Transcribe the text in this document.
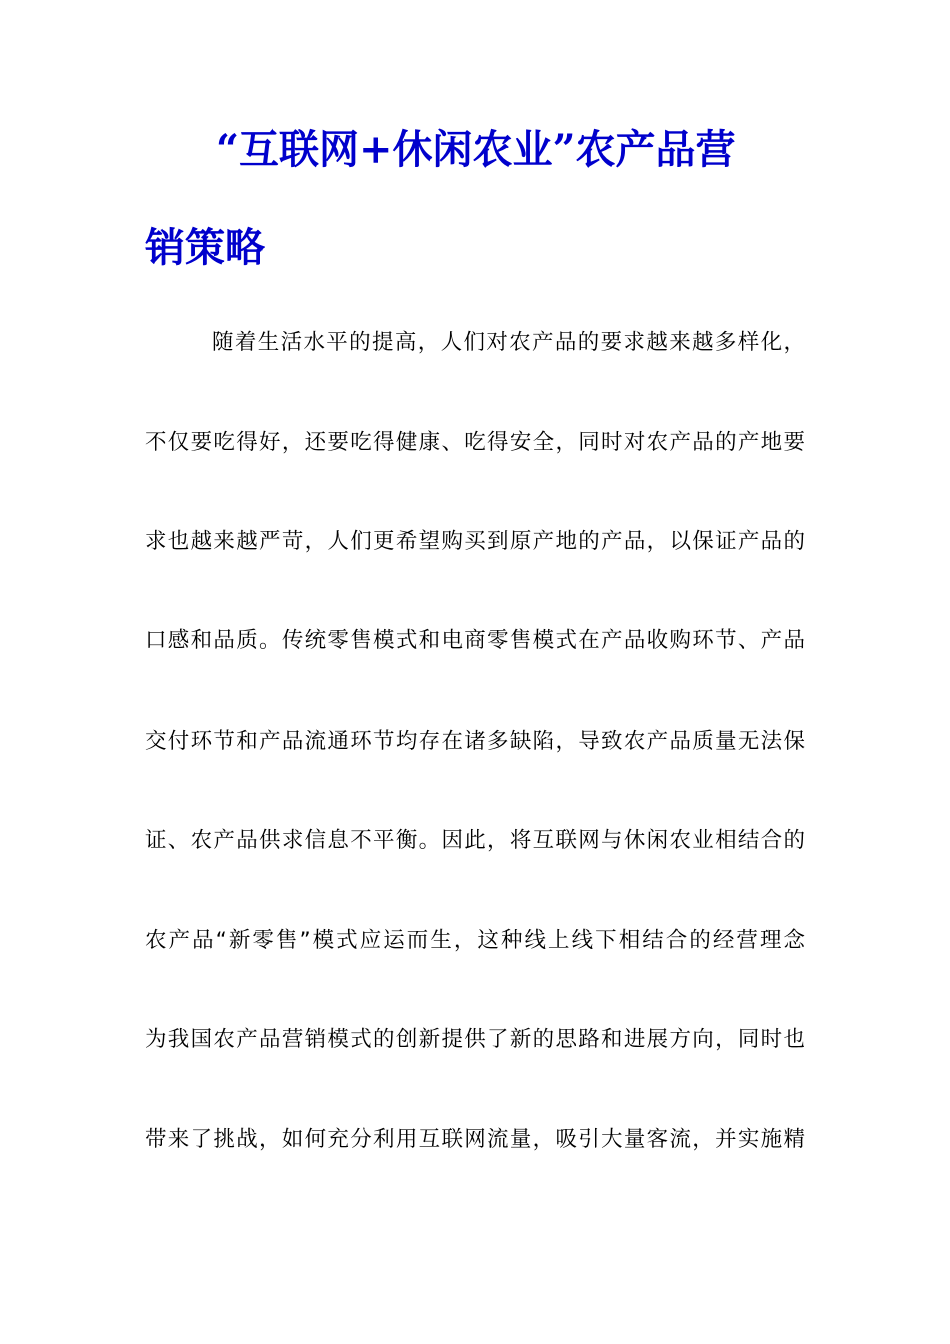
“互联网+休闲农业”农产品营
销策略
随着生活水平的提高，人们对农产品的要求越来越多样化，
不仅要吃得好，还要吃得健康、吃得安全，同时对农产品的产地要
求也越来越严苛，人们更希望购买到原产地的产品，以保证产品的
口感和品质。传统零售模式和电商零售模式在产品收购环节、产品
交付环节和产品流通环节均存在诸多缺陷，导致农产品质量无法保
证、农产品供求信息不平衡。因此，将互联网与休闲农业相结合的
农产品“新零售”模式应运而生，这种线上线下相结合的经营理念
为我国农产品营销模式的创新提供了新的思路和进展方向，同时也
带来了挑战，如何充分利用互联网流量，吸引大量客流，并实施精
